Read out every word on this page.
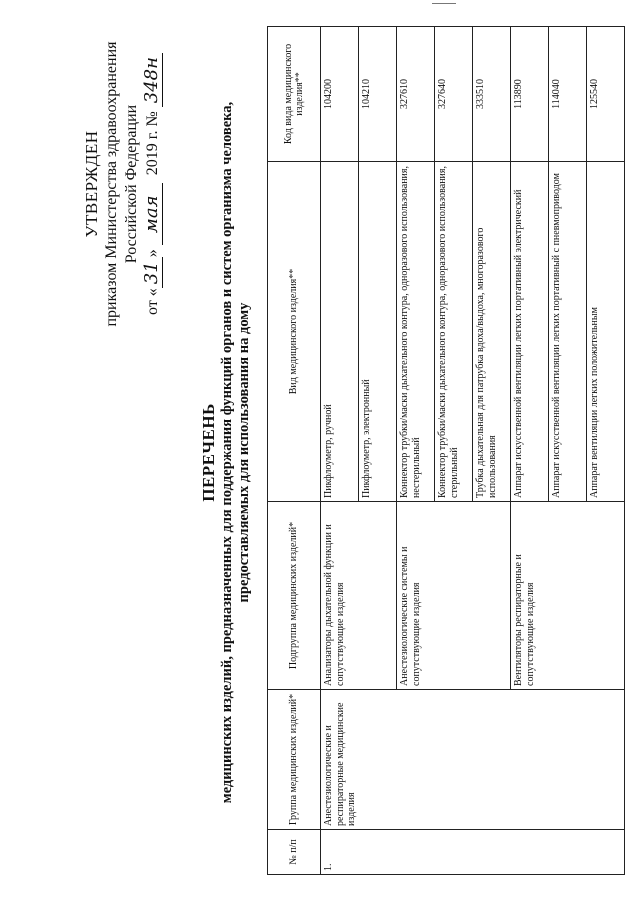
УТВЕРЖДЕН приказом Министерства здравоохранения Российской Федерации
от «31» мая2019 г. № 348н
ПЕРЕЧЕНЬ медицинских изделий, предназначенных для поддержания функций органов и систем организма человека, предоставляемых для использования на дому
№ п/п	Группа медицинских изделий*	Подгруппа медицинских изделий*	Вид медицинского изделия**	Код вида медицинского изделия**
1.	Анестезиологические и респираторные медицинские изделия	Анализаторы дыхательной функции и сопутствующие изделия	Пикфлоуметр, ручной	104200
			Пикфлоуметр, электронный	104210
		Анестезиологические системы и сопутствующие изделия	Коннектор трубки/маски дыхательного контура, одноразового использования, нестерильный	327610
			Коннектор трубки/маски дыхательного контура, одноразового использования, стерильный	327640
			Трубка дыхательная для патрубка вдоха/выдоха, многоразового использования	333510
		Вентиляторы респираторные и сопутствующие изделия	Аппарат искусственной вентиляции легких портативный электрический	113890
			Аппарат искусственной вентиляции легких портативный с пневмоприводом	114040
			Аппарат вентиляции легких положительным	125540
